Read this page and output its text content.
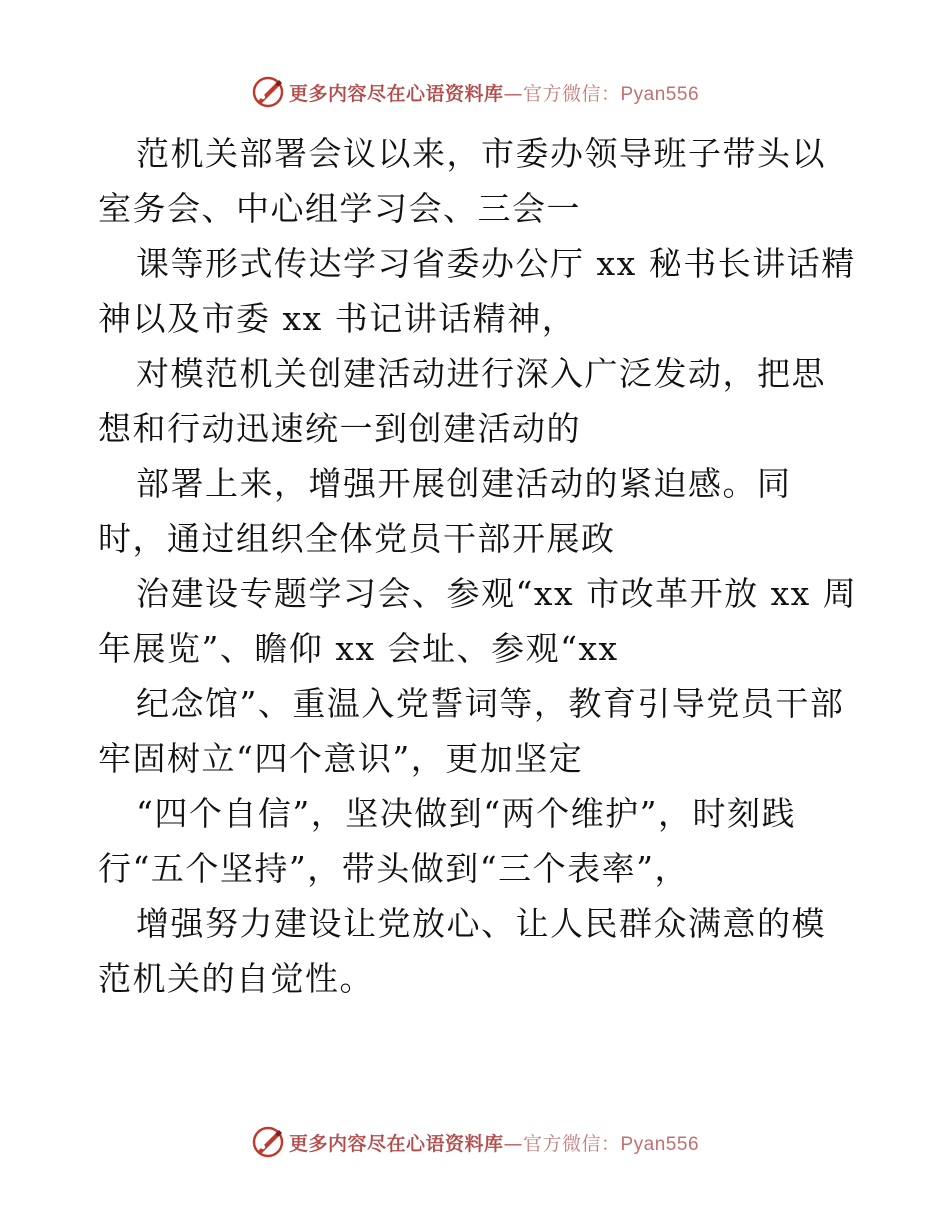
更多内容尽在心语资料库—官方微信：Pyan556

范机关部署会议以来，市委办领导班子带头以室务会、中心组学习会、三会一

课等形式传达学习省委办公厅 xx 秘书长讲话精神以及市委 xx 书记讲话精神，

对模范机关创建活动进行深入广泛发动，把思想和行动迅速统一到创建活动的

部署上来，增强开展创建活动的紧迫感。同时，通过组织全体党员干部开展政

治建设专题学习会、参观“xx 市改革开放 xx 周年展览”、瞻仰 xx 会址、参观“xx

纪念馆”、重温入党誓词等，教育引导党员干部牢固树立“四个意识”，更加坚定

“四个自信”，坚决做到“两个维护”，时刻践行“五个坚持”，带头做到“三个表率”，

增强努力建设让党放心、让人民群众满意的模范机关的自觉性。

更多内容尽在心语资料库—官方微信：Pyan556
